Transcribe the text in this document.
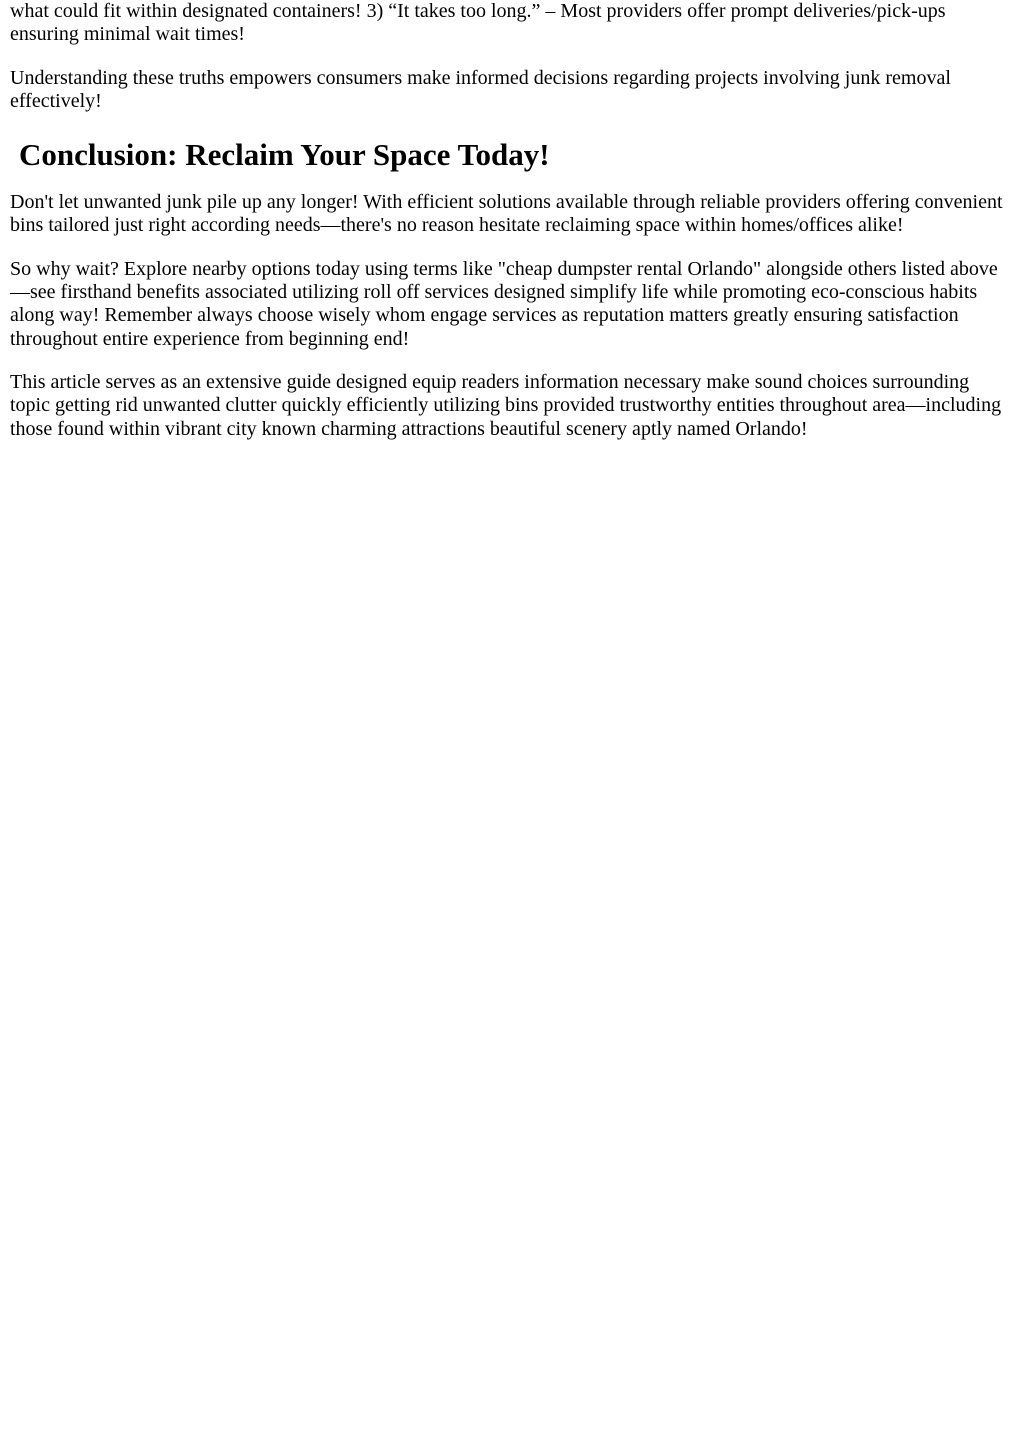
what could fit within designated containers! 3) “It takes too long.” – Most providers offer prompt deliveries/pick-ups ensuring minimal wait times!

Understanding these truths empowers consumers make informed decisions regarding projects involving junk removal effectively!

Conclusion: Reclaim Your Space Today!

Don't let unwanted junk pile up any longer! With efficient solutions available through reliable providers offering convenient bins tailored just right according needs—there's no reason hesitate reclaiming space within homes/offices alike!

So why wait? Explore nearby options today using terms like "cheap dumpster rental Orlando" alongside others listed above—see firsthand benefits associated utilizing roll off services designed simplify life while promoting eco-conscious habits along way! Remember always choose wisely whom engage services as reputation matters greatly ensuring satisfaction throughout entire experience from beginning end!

This article serves as an extensive guide designed equip readers information necessary make sound choices surrounding topic getting rid unwanted clutter quickly efficiently utilizing bins provided trustworthy entities throughout area—including those found within vibrant city known charming attractions beautiful scenery aptly named Orlando!
